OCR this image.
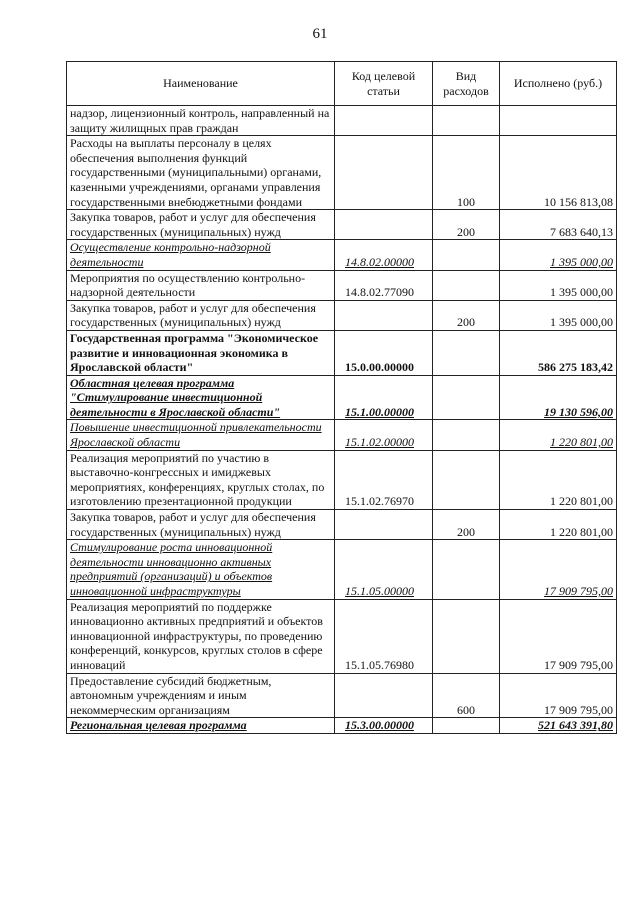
61
Наименование	Код целевой статьи	Вид расходов	Исполнено (руб.)
надзор, лицензионный контроль, направленный на защиту жилищных прав граждан			
Расходы на выплаты персоналу в целях обеспечения выполнения функций государственными (муниципальными) органами, казенными учреждениями, органами управления государственными внебюджетными фондами		100	10 156 813,08
Закупка товаров, работ и услуг для обеспечения государственных (муниципальных) нужд		200	7 683 640,13
Осуществление контрольно-надзорной деятельности	14.8.02.00000		1 395 000,00
Мероприятия по осуществлению контрольно-надзорной деятельности	14.8.02.77090		1 395 000,00
Закупка товаров, работ и услуг для обеспечения государственных (муниципальных) нужд		200	1 395 000,00
Государственная программа "Экономическое развитие и инновационная экономика в Ярославской области"	15.0.00.00000		586 275 183,42
Областная целевая программа "Стимулирование инвестиционной деятельности в Ярославской области"	15.1.00.00000		19 130 596,00
Повышение инвестиционной привлекательности Ярославской области	15.1.02.00000		1 220 801,00
Реализация мероприятий по участию в выставочно-конгрессных и имиджевых мероприятиях, конференциях, круглых столах, по изготовлению презентационной продукции	15.1.02.76970		1 220 801,00
Закупка товаров, работ и услуг для обеспечения государственных (муниципальных) нужд		200	1 220 801,00
Стимулирование роста инновационной деятельности инновационно активных предприятий (организаций) и объектов инновационной инфраструктуры	15.1.05.00000		17 909 795,00
Реализация мероприятий по поддержке инновационно активных предприятий и объектов инновационной инфраструктуры, по проведению конференций, конкурсов, круглых столов в сфере инноваций	15.1.05.76980		17 909 795,00
Предоставление субсидий бюджетным, автономным учреждениям и иным некоммерческим организациям		600	17 909 795,00
Региональная целевая программа	15.3.00.00000		521 643 391,80
